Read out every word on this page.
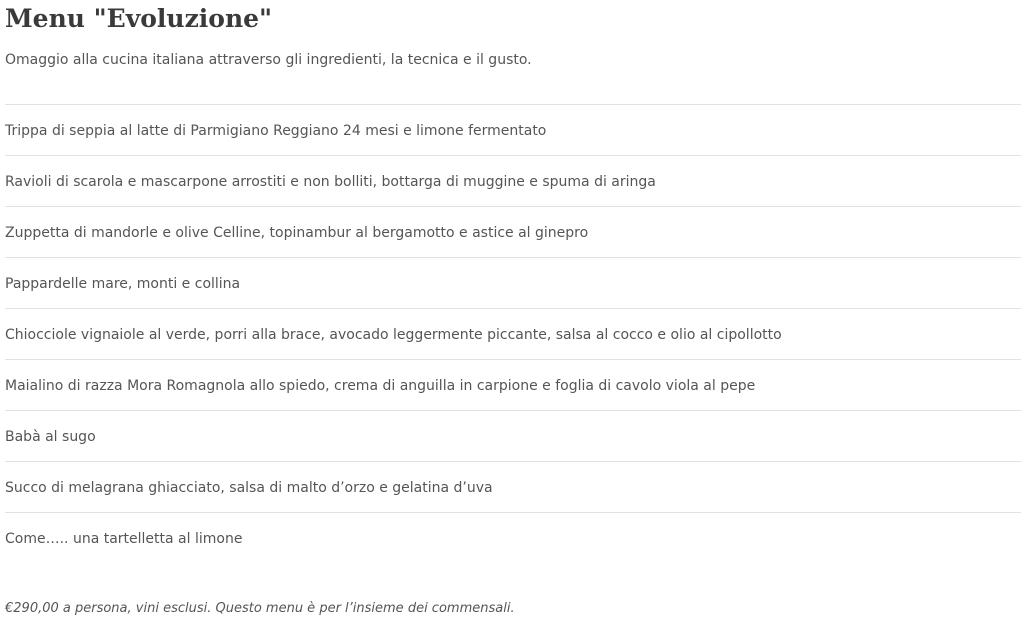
Menu "Evoluzione"

Omaggio alla cucina italiana attraverso gli ingredienti, la tecnica e il gusto.

Trippa di seppia al latte di Parmigiano Reggiano 24 mesi e limone fermentato
Ravioli di scarola e mascarpone arrostiti e non bolliti, bottarga di muggine e spuma di aringa
Zuppetta di mandorle e olive Celline, topinambur al bergamotto e astice al ginepro
Pappardelle mare, monti e collina
Chiocciole vignaiole al verde, porri alla brace, avocado leggermente piccante, salsa al cocco e olio al cipollotto
Maialino di razza Mora Romagnola allo spiedo, crema di anguilla in carpione e foglia di cavolo viola al pepe
Babà al sugo
Succo di melagrana ghiacciato, salsa di malto d’orzo e gelatina d’uva
Come….. una tartelletta al limone

€290,00 a persona, vini esclusi. Questo menu è per l’insieme dei commensali.
